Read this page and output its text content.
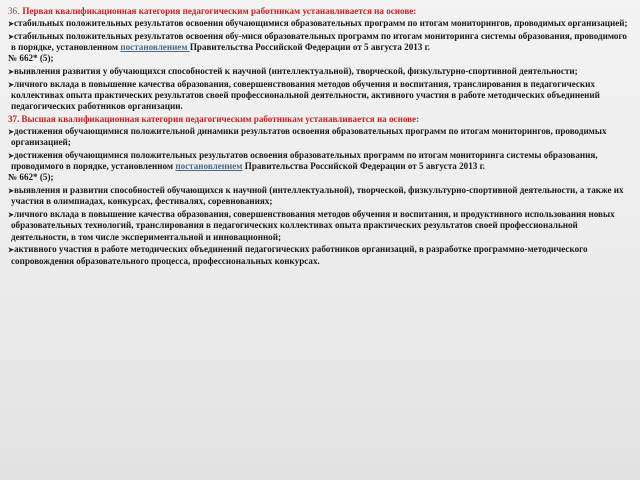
36. Первая квалификационная категория педагогическим работникам устанавливается на основе:
➤стабильных положительных результатов освоения обучающимися образовательных программ по итогам мониторингов, проводимых организацией;
➤стабильных положительных результатов освоения обу-мися образовательных программ по итогам мониторинга системы образования, проводимого в порядке, установленном постановлением Правительства Российской Федерации от 5 августа 2013 г.
№ 662* (5);
➤выявления развития у обучающихся способностей к научной (интеллектуальной), творческой, физкультурно-спортивной деятельности;
➤личного вклада в повышение качества образования, совершенствования методов обучения и воспитания, транслирования в педагогических коллективах опыта практических результатов своей профессиональной деятельности, активного участия в работе методических объединений педагогических работников организации.
37. Высшая квалификационная категория педагогическим работникам устанавливается на основе:
➤достижения обучающимися положительной динамики результатов освоения образовательных программ по итогам мониторингов, проводимых организацией;
➤достижения обучающимися положительных результатов освоения образовательных программ по итогам мониторинга системы образования, проводимого в порядке, установленном постановлением Правительства Российской Федерации от 5 августа 2013 г.
№ 662* (5);
➤выявления и развития способностей обучающихся к научной (интеллектуальной), творческой, физкультурно-спортивной деятельности, а также их участия в олимпиадах, конкурсах, фестивалях, соревнованиях;
➤личного вклада в повышение качества образования, совершенствования методов обучения и воспитания, и продуктивного использования новых образовательных технологий, транслирования в педагогических коллективах опыта практических результатов своей профессиональной деятельности, в том числе экспериментальной и инновационной;
➤активного участия в работе методических объединений педагогических работников организаций, в разработке программно-методического сопровождения образовательного процесса, профессиональных конкурсах.
